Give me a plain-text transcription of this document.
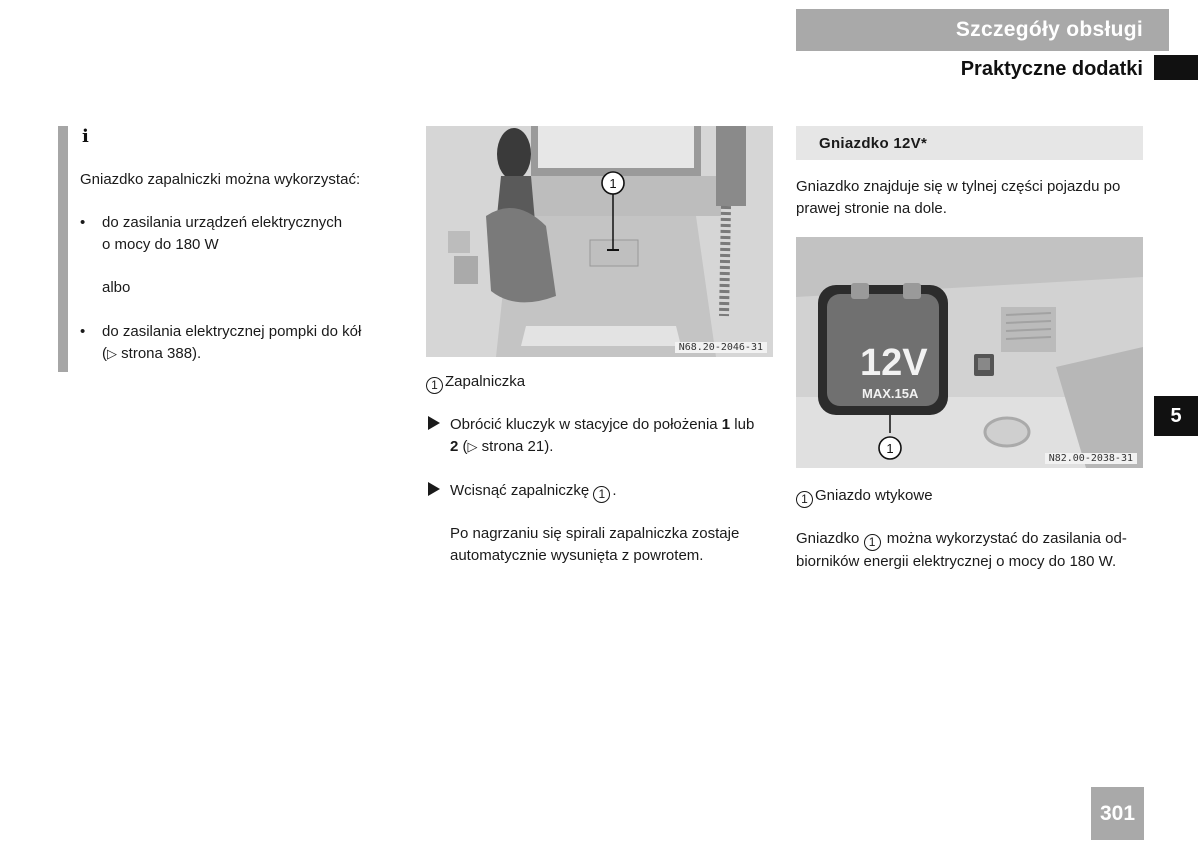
Szczegóły obsługi
Praktyczne dodatki
5
301
i
Gniazdko zapalniczki można wykorzystać:
• do zasilania urządzeń elektrycznych
o mocy do 180 W
albo
• do zasilania elektrycznej pompki do kół
(▷ strona 388).
1
N68.20-2046-31
1 Zapalniczka
Obrócić kluczyk w stacyjce do położenia 1 lub
2 (▷ strona 21).
Wcisnąć zapalniczkę 1 .
Po nagrzaniu się spirali zapalniczka zostaje
automatycznie wysunięta z powrotem.
Gniazdko 12V*
Gniazdko znajduje się w tylnej części pojazdu po
prawej stronie na dole.
1
12V
MAX.15A
N82.00-2038-31
1 Gniazdo wtykowe
Gniazdko 1 można wykorzystać do zasilania od-
biorników energii elektrycznej o mocy do 180 W.
